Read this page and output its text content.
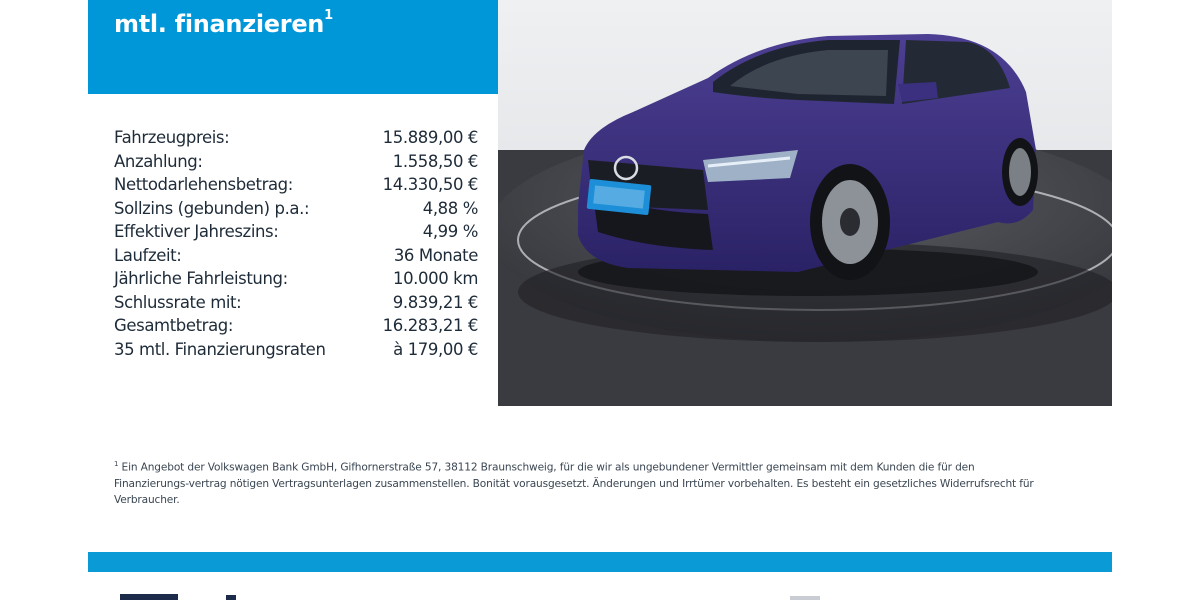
mtl. finanzieren$^1$
Fahrzeugpreis:	15.889,00 €
Anzahlung:	1.558,50 €
Nettodarlehensbetrag:	14.330,50 €
Sollzins (gebunden) p.a.:	4,88 %
Effektiver Jahreszins:	4,99 %
Laufzeit:	36 Monate
Jährliche Fahrleistung:	10.000 km
Schlussrate mit:	9.839,21 €
Gesamtbetrag:	16.283,21 €
35 mtl. Finanzierungsraten	à 179,00 €
$^1$ Ein Angebot der Volkswagen Bank GmbH, Gifhornerstraße 57, 38112 Braunschweig, für die wir als ungebundener Vermittler gemeinsam mit dem Kunden die für den Finanzierungs-vertrag nötigen Vertragsunterlagen zusammenstellen. Bonität vorausgesetzt. Änderungen und Irrtümer vorbehalten. Es besteht ein gesetzliches Widerrufsrecht für Verbraucher.
